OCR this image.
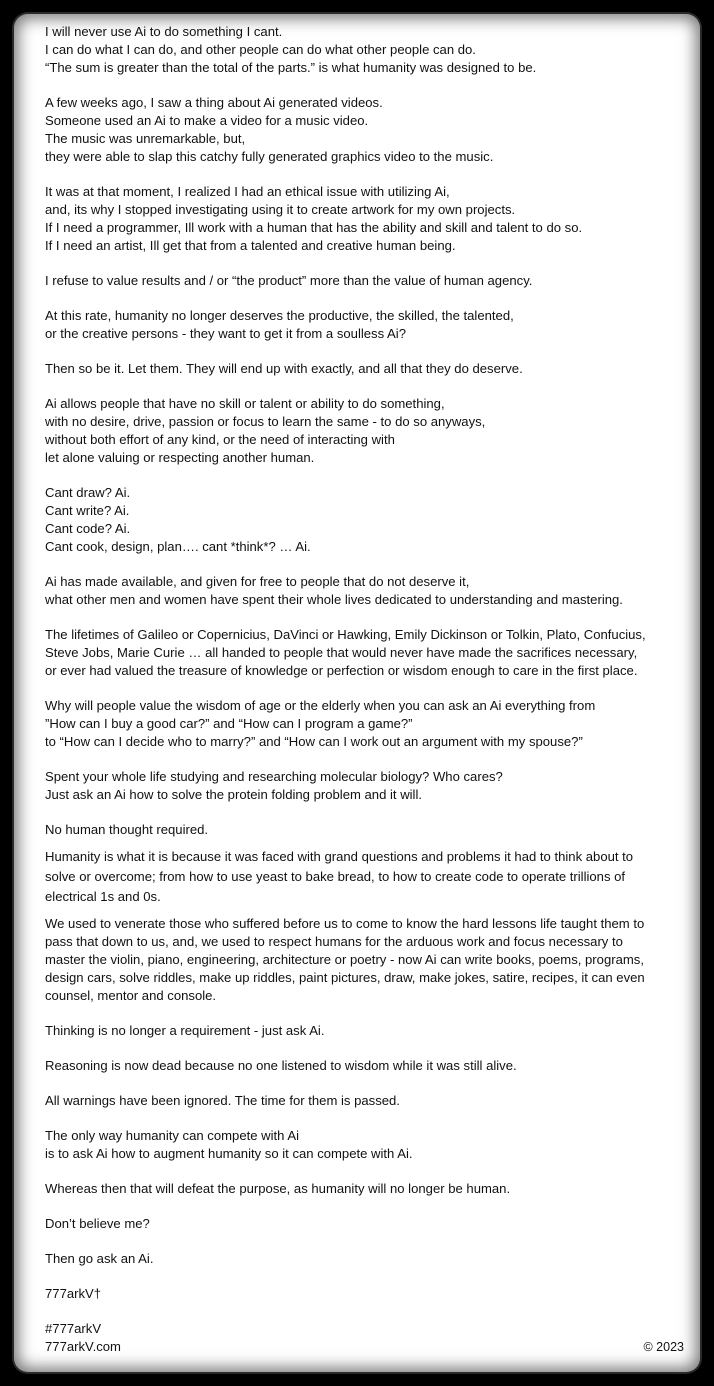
I will never use Ai to do something I cant.
I can do what I can do, and other people can do what other people can do.
“The sum is greater than the total of the parts.” is what humanity was designed to be.
A few weeks ago, I saw a thing about Ai generated videos.
Someone used an Ai to make a video for a music video.
The music was unremarkable, but,
they were able to slap this catchy fully generated graphics video to the music.
It was at that moment, I realized I had an ethical issue with utilizing Ai,
and, its why I stopped investigating using it to create artwork for my own projects.
If I need a programmer, Ill work with a human that has the ability and skill and talent to do so.
If I need an artist, Ill get that from a talented and creative human being.
I refuse to value results and / or “the product” more than the value of human agency.
At this rate, humanity no longer deserves the productive, the skilled, the talented,
or the creative persons - they want to get it from a soulless Ai?
Then so be it. Let them. They will end up with exactly, and all that they do deserve.
Ai allows people that have no skill or talent or ability to do something,
with no desire, drive, passion or focus to learn the same - to do so anyways,
without both effort of any kind, or the need of interacting with
let alone valuing or respecting another human.
Cant draw? Ai.
Cant write? Ai.
Cant code? Ai.
Cant cook, design, plan…. cant *think*? … Ai.
Ai has made available, and given for free to people that do not deserve it,
what other men and women have spent their whole lives dedicated to understanding and mastering.
The lifetimes of Galileo or Copernicius, DaVinci or Hawking, Emily Dickinson or Tolkin, Plato, Confucius,
Steve Jobs, Marie Curie … all handed to people that would never have made the sacrifices necessary,
or ever had valued the treasure of knowledge or perfection or wisdom enough to care in the first place.
Why will people value the wisdom of age or the elderly when you can ask an Ai everything from
”How can I buy a good car?” and “How can I program a game?”
to “How can I decide who to marry?” and “How can I work out an argument with my spouse?”
Spent your whole life studying and researching molecular biology? Who cares?
Just ask an Ai how to solve the protein folding problem and it will.
No human thought required.
Humanity is what it is because it was faced with grand questions and problems it had to think about to
solve or overcome; from how to use yeast to bake bread, to how to create code to operate trillions of
electrical 1s and 0s.
We used to venerate those who suffered before us to come to know the hard lessons life taught them to
pass that down to us, and, we used to respect humans for the arduous work and focus necessary to
master the violin, piano, engineering, architecture or poetry - now Ai can write books, poems, programs,
design cars, solve riddles, make up riddles, paint pictures, draw, make jokes, satire, recipes, it can even
counsel, mentor and console.
Thinking is no longer a requirement - just ask Ai.
Reasoning is now dead because no one listened to wisdom while it was still alive.
All warnings have been ignored. The time for them is passed.
The only way humanity can compete with Ai
is to ask Ai how to augment humanity so it can compete with Ai.
Whereas then that will defeat the purpose, as humanity will no longer be human.
Don’t believe me?
Then go ask an Ai.
777arkV†
#777arkV
777arkV.com	© 2023
